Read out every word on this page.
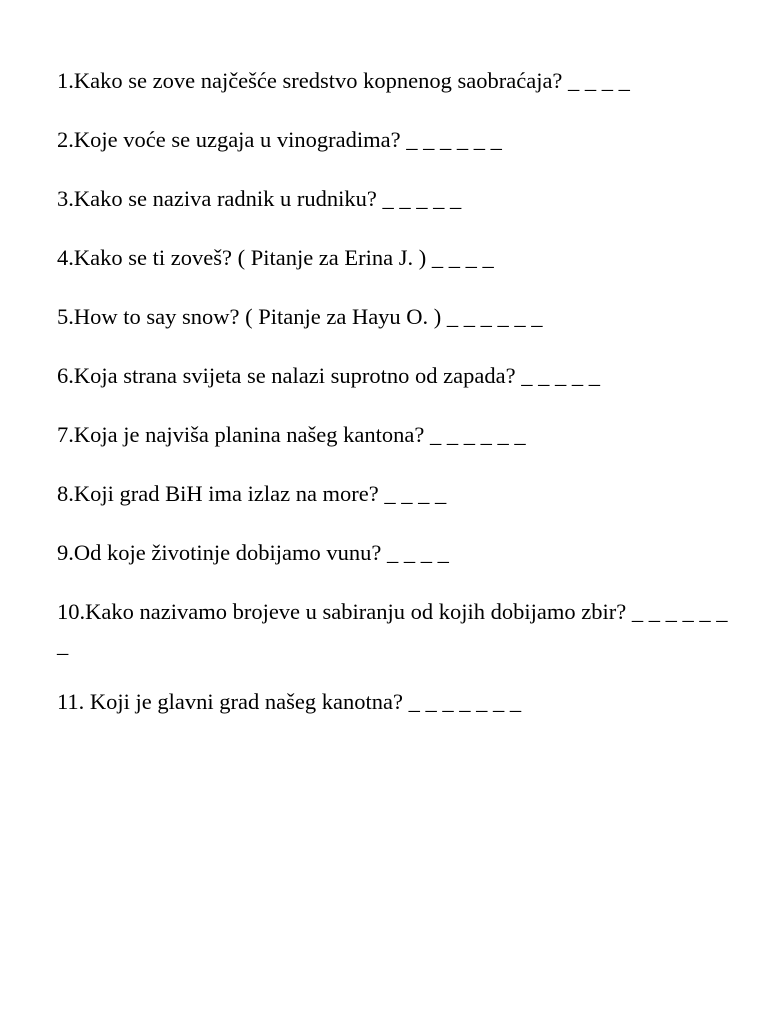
1.Kako se zove najčešće sredstvo kopnenog saobraćaja? _ _ _ _
2.Koje voće se uzgaja u vinogradima? _ _ _ _ _ _
3.Kako se naziva radnik u rudniku? _ _ _ _ _
4.Kako se ti zoveš? ( Pitanje za Erina J. ) _ _ _ _
5.How to say snow? ( Pitanje za Hayu O. ) _ _ _ _ _ _
6.Koja strana svijeta se nalazi suprotno od zapada? _ _ _ _ _
7.Koja je najviša planina našeg kantona? _ _ _ _ _ _
8.Koji grad BiH ima izlaz na more? _ _ _ _
9.Od koje životinje dobijamo vunu? _ _ _ _
10.Kako nazivamo brojeve u sabiranju od kojih dobijamo zbir? _ _ _ _ _ _ _
11. Koji je glavni grad našeg kanotna? _ _ _ _ _ _ _
